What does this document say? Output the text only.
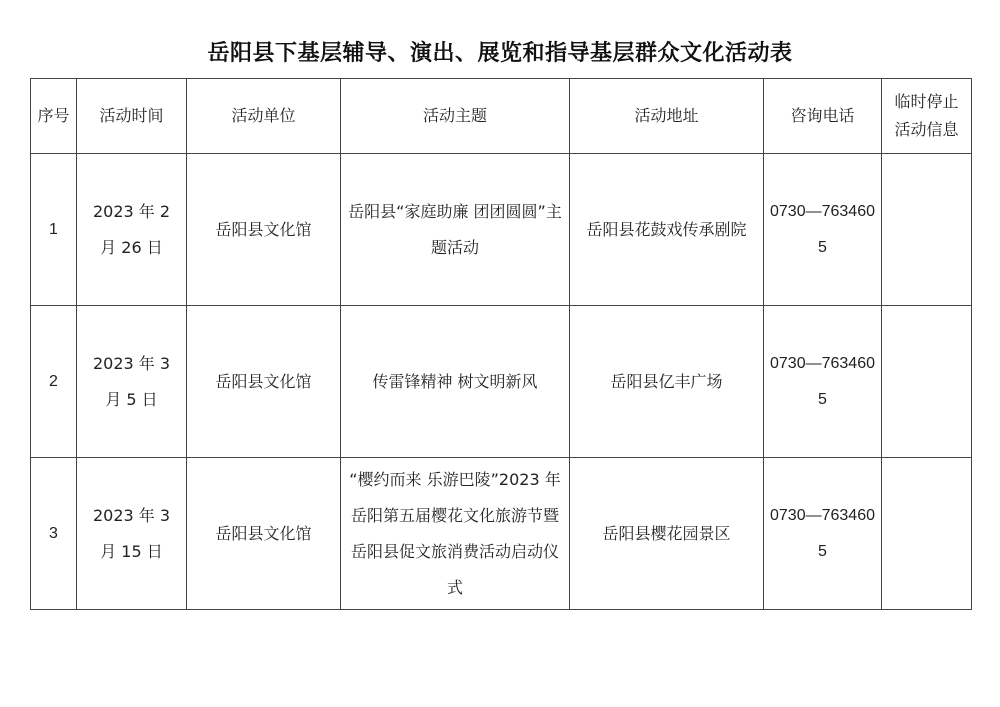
岳阳县下基层辅导、演出、展览和指导基层群众文化活动表
序号	活动时间	活动单位	活动主题	活动地址	咨询电话	临时停止活动信息
1	2023 年 2 月 26 日	岳阳县文化馆	岳阳县“家庭助廉 团团圆圆”主题活动	岳阳县花鼓戏传承剧院	0730—7634605	
2	2023 年 3 月 5 日	岳阳县文化馆	传雷锋精神 树文明新风	岳阳县亿丰广场	0730—7634605	
3	2023 年 3 月 15 日	岳阳县文化馆	“樱约而来 乐游巴陵”2023 年岳阳第五届樱花文化旅游节暨岳阳县促文旅消费活动启动仪式	岳阳县樱花园景区	0730—7634605	
